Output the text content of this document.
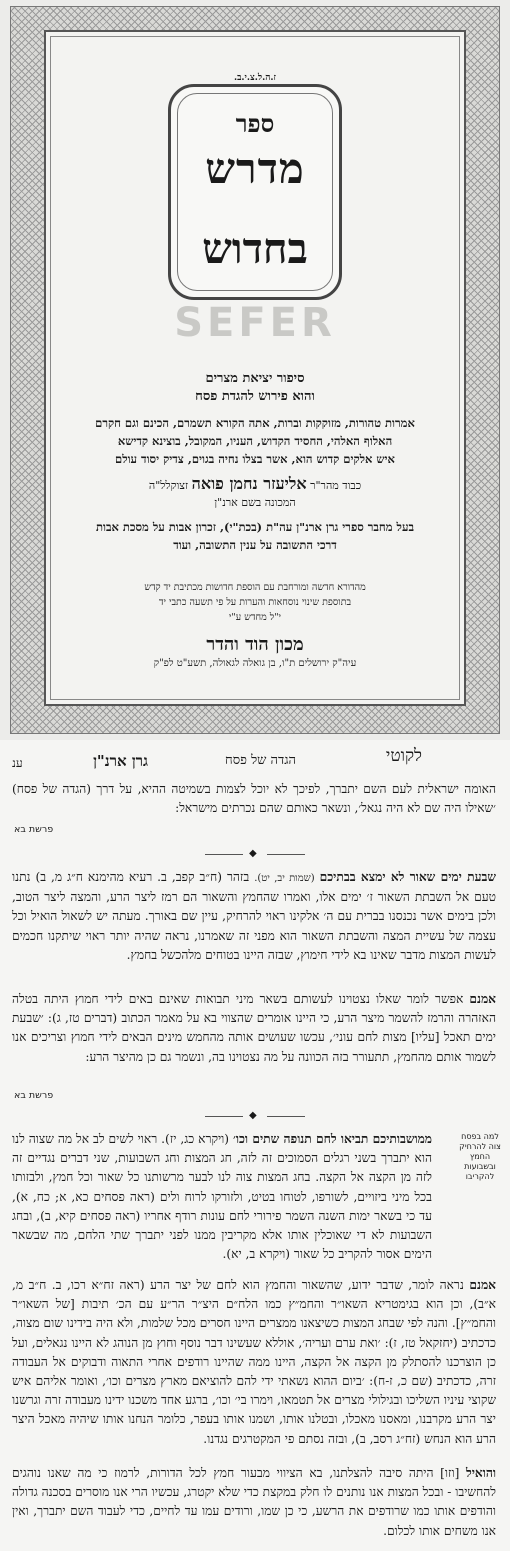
ז.ה.ל.צ.י.ב.
ספר
מדרש
בחדוש
SEFER
סיפור יציאת מצרים
והוא פירוש להגדת פסח
אמרות טהורות, מזוקקות וברות, אתה הקורא תשמרם, הכינם וגם חקרם
האלוף האלהי, החסיד הקדוש, העניו, המקובל, בוצינא קדישא
איש אלקים קדוש הוא, אשר בצלו נחיה בגוים, צדיק יסוד עולם
כבוד מהר"ר אליעזר נחמן פואה זצוקלל"ה
המכונה בשם ארנ"ן
בעל מחבר ספרי גרן ארנ"ן עה"ת (בכת"י), זכרון אבות על מסכת אבות
דרכי התשובה על ענין התשובה, ועוד
מהדורא חדשה ומורחבת עם הוספת חדושות מכתיבת יד קדש
בתוספת שינוי נוסחאות והערות על פי תשעה כתבי יד
י"ל מחדש ע"י
מכון הוד והדר
עיה"ק ירושלים ת"ו, בן גואלה לגאולה, תשע"ט לפ"ק
לקוטי
הגדה של פסח
גרן ארנ"ן
ענ
האומה ישראלית לעם השם יתברך, לפיכך לא יוכל לצמות בשמיטה ההיא, על דרך (הגדה של פסח) ׳שאילו היה שם לא היה נגאל׳, ונשאר כאותם שהם נכרתים מישראל:
פרשת בא
◆
שבעת ימים שאור לא ימצא בבתיכם (שמות יב, יט). בזהר (ח״ב קפב, ב. רעיא מהימנא ח״ג מ, ב) נתנו טעם אל השבתת השאור ז׳ ימים אלו, ואמרו שהחמץ והשאור הם רמז ליצר הרע, והמצה ליצר הטוב, ולכן בימים אשר נכנסנו בברית עם ה׳ אלקינו ראוי להרחיק, עיין שם באורך. מעתה יש לשאול הואיל וכל עצמה של עשיית המצה והשבתת השאור הוא מפני זה שאמרנו, נראה שהיה יותר ראוי שיתקנו חכמים לעשות המצות מדבר שאינו בא לידי חימוץ, שבזה היינו בטוחים מלהכשל בחמץ.
אמנם אפשר לומר שאלו נצטוינו לעשותם בשאר מיני תבואות שאינם באים לידי חמוץ היתה בטלה האזהרה והרמז להשמר מיצר הרע, כי היינו אומרים שהצווי בא על מאמר הכתוב (דברים טז, ג): ׳שבעת ימים תאכל [עליו] מצות לחם עוני׳, עכשו שעושים אותה מהחמש מינים הבאים לידי חמוץ וצריכים אנו לשמור אותם מהחמץ, תתעורר בזה הכוונה על מה נצטוינו בה, ונשמר גם כן מהיצר הרע:
פרשת בא
◆
למה בפסח צוה להרחיק החמץ ובשבועות להקריבו
ממושבותיכם תביאו לחם תנופה שתים וכו׳ (ויקרא כג, יז). ראוי לשים לב אל מה שצוה לנו הוא יתברך בשני רגלים הסמוכים זה לזה, חג המצות וחג השבועות, שני דברים נגדיים זה לזה מן הקצה אל הקצה. בחג המצות צוה לנו לבער מרשותנו כל שאור וכל חמץ, ולבזותו בכל מיני ביזויים, לשורפו, לטוחו בטיט, ולזורקו לרוח ולים (ראה פסחים כא, א; כח, א), עד כי בשאר ימות השנה השמר פירורי לחם עונות רודף אחריו (ראה פסחים קיא, ב), ובחג השבועות לא די שאוכלין אותו אלא מקריבין ממנו לפני יתברך שתי הלחם, מה שבשאר הימים אסור להקריב כל שאור (ויקרא ב, יא).
אמנם נראה לומר, שדבר ידוע, שהשאור והחמץ הוא לחם של יצר הרע (ראה זח״א רכו, ב. ח״ב מ, א״ב), וכן הוא בגימטריא השאו״ר והחמ״ץ כמו הלח״ם היצ״ר הר״ע עם הכ׳ תיבות [של השאו״ר והחמ״ץ]. והנה לפי שבחג המצות כשיצאנו ממצרים היינו חסרים מכל שלמות, ולא היה בידינו שום מצוה, כדכתיב (יחזקאל טז, ז): ׳ואת ערם ועריה׳, אוללא שעשינו דבר נוסף וחוץ מן הנוהג לא היינו נגאלים, ועל כן הוצרכנו להסתלק מן הקצה אל הקצה, היינו ממה שהיינו רודפים אחרי התאוה ודבוקים אל העבודה זרה, כדכתיב (שם כ, ז-ח): ׳ביום ההוא נשאתי ידי להם להוציאם מארץ מצרים וכו׳, ואומר אליהם איש שקוצי עיניו השליכו ובגילולי מצרים אל תטמאו, וימרו בי׳ וכו׳, ברגע אחד משכנו ידינו מעבודה זרה וגרשנו יצר הרע מקרבנו, ומאסנו מאכלו, ובטלנו אותו, ושמנו אותו בעפר, כלומר הנחנו אותו שיהיה מאכל היצר הרע הוא הנחש (זח״ג רסב, ב), ובזה נסתם פי המקטרגים נגדנו.
והואיל [וזו] היתה סיבה להצלתנו, בא הציווי מבעור חמץ לכל הדורות, לרמוז כי מה שאנו נוהגים להחשיבו - ובכל המצות אנו נותנים לו חלק במקצת כדי שלא יקטרג, עכשיו הרי אנו מוסרים בסכנה גדולה והודפים אותו כמו שרודפים את הרשע, כי כן שמו, ורודים עמו עד לחיים, כדי לעבוד השם יתברך, ואין אנו משחים אותו לכלום.
